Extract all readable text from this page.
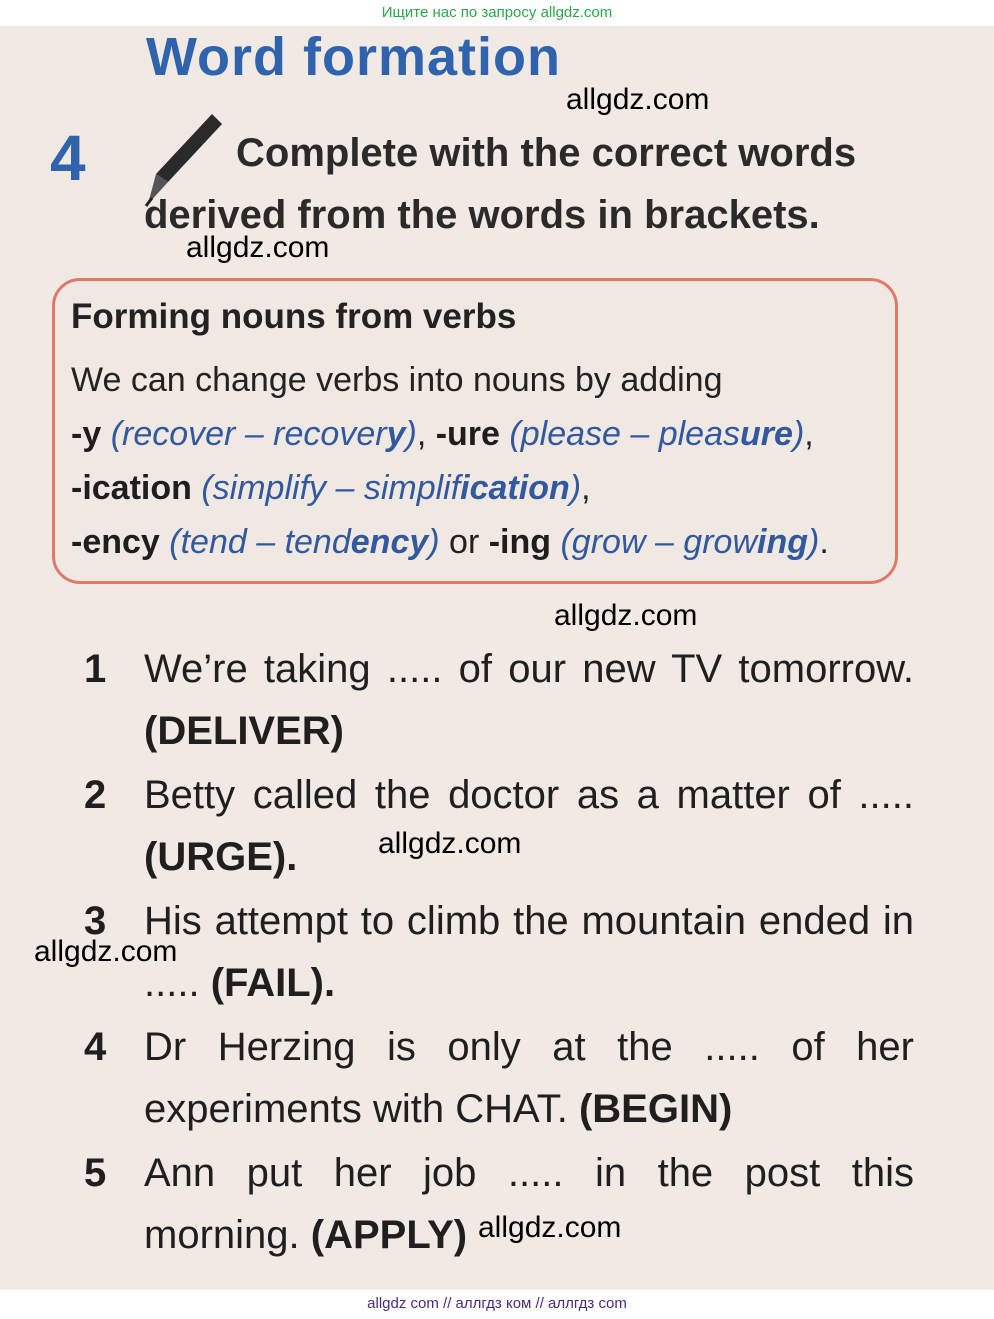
Ищите нас по запросу allgdz.com
Word formation
4	Complete with the correct words
derived from the words in brackets.
Forming nouns from verbs
We can change verbs into nouns by adding
-y (recover – recovery), -ure (please – pleasure),
-ication (simplify – simplification),
-ency (tend – tendency) or -ing (grow – growing).
1 We’re taking ..... of our new TV tomorrow. (DELIVER)
2 Betty called the doctor as a matter of ..... (URGE).
3 His attempt to climb the mountain ended in ..... (FAIL).
4 Dr Herzing is only at the ..... of her experiments with CHAT. (BEGIN)
5 Ann put her job ..... in the post this morning. (APPLY)
allgdz.com
allgdz.com
allgdz.com
allgdz.com
allgdz.com
allgdz.com
allgdz com // аллгдз ком // аллгдз com
